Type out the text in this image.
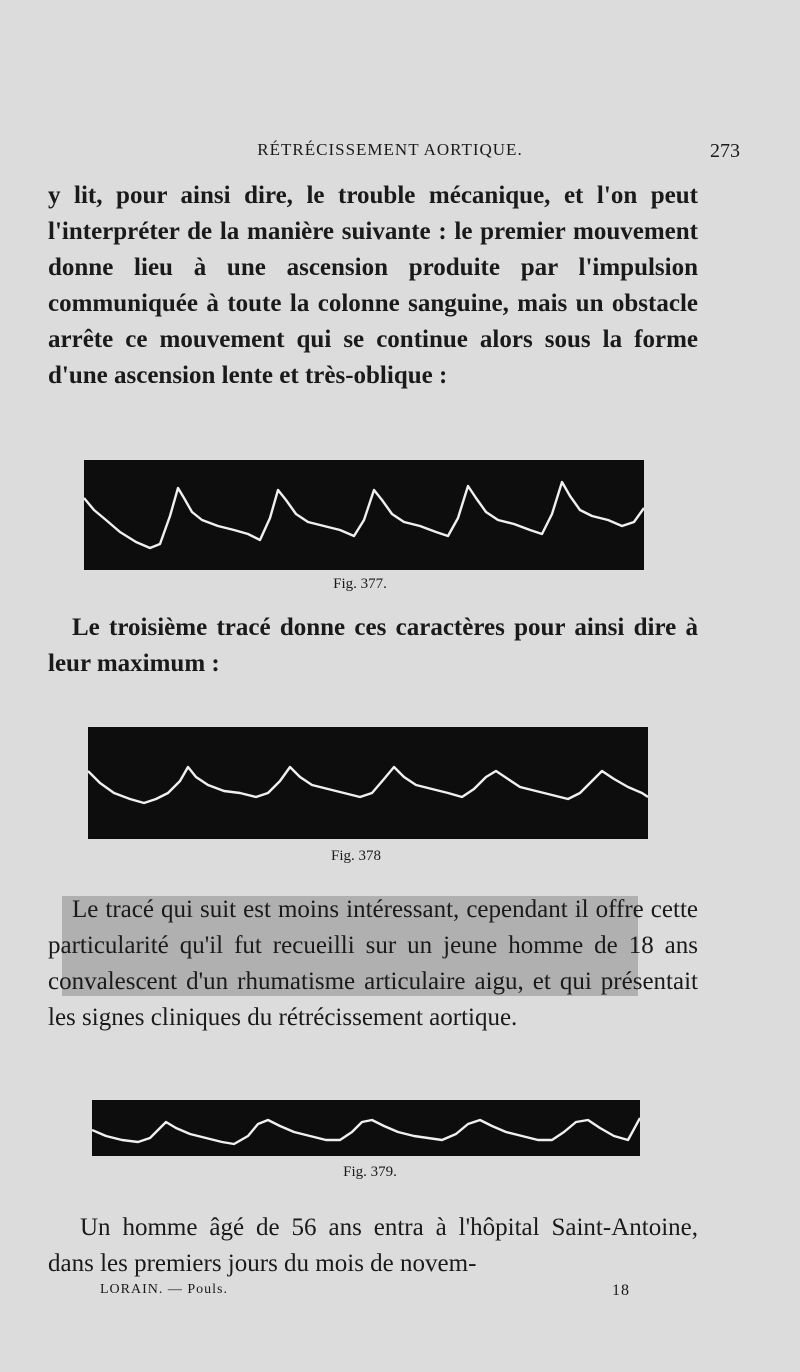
RÉTRÉCISSEMENT AORTIQUE.	273

y lit, pour ainsi dire, le trouble mécanique, et l'on peut l'interpréter de la manière suivante : le premier mouvement donne lieu à une ascension produite par l'impulsion communiquée à toute la colonne sanguine, mais un obstacle arrête ce mouvement qui se continue alors sous la forme d'une ascension lente et très-oblique :

Fig. 377.

Le troisième tracé donne ces caractères pour ainsi dire à leur maximum :

Fig. 378

Le tracé qui suit est moins intéressant, cependant il offre cette particularité qu'il fut recueilli sur un jeune homme de 18 ans convalescent d'un rhumatisme articulaire aigu, et qui présentait les signes cliniques du rétrécissement aortique.

Fig. 379.

Un homme âgé de 56 ans entra à l'hôpital Saint-Antoine, dans les premiers jours du mois de novem-

LORAIN. — Pouls.	18
